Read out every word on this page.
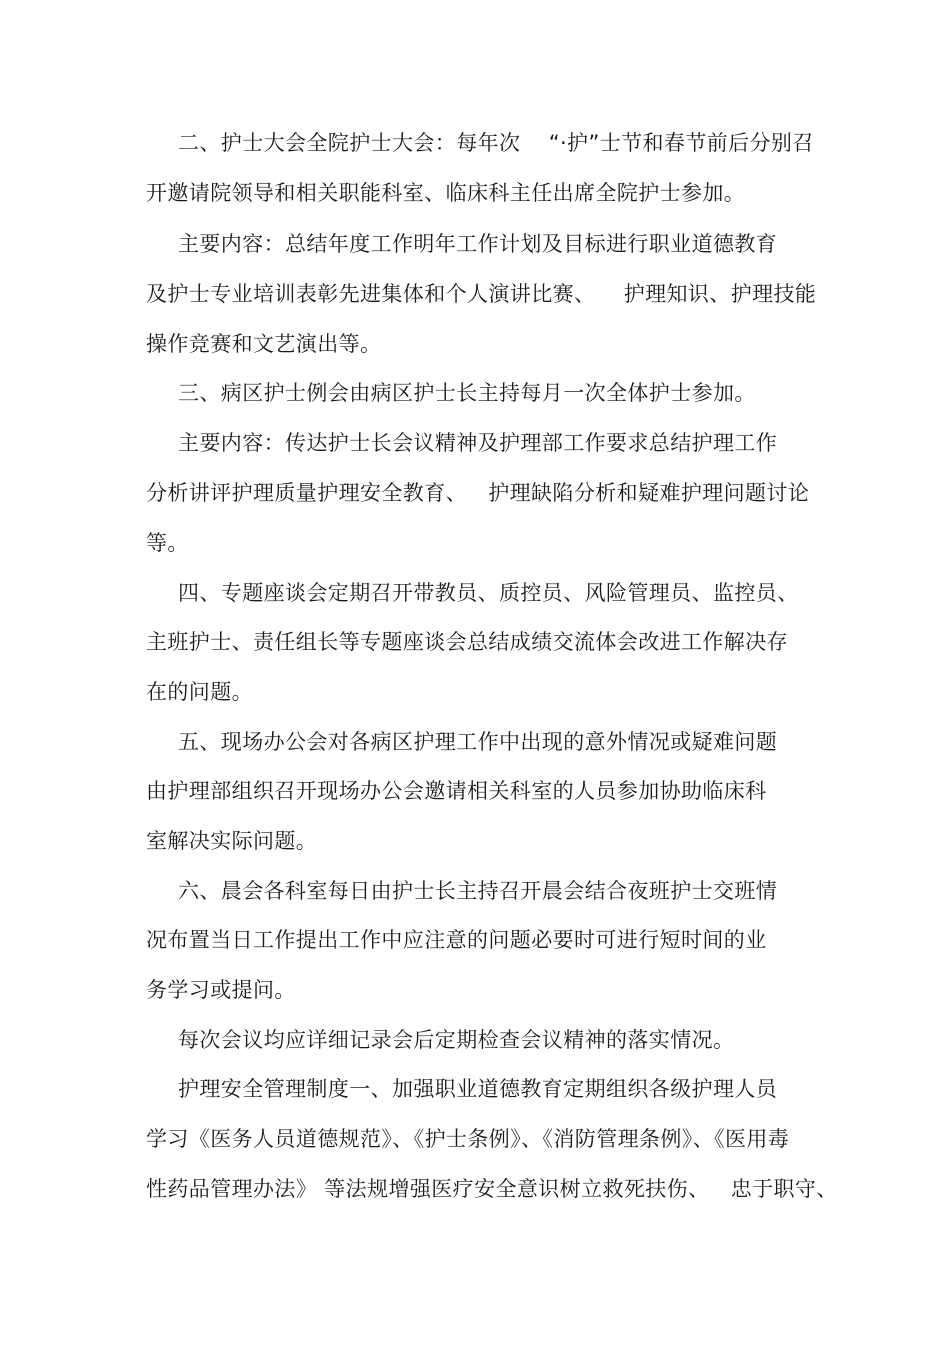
二、护士大会全院护士大会：每年次    “·护”士节和春节前后分别召
开邀请院领导和相关职能科室、临床科主任出席全院护士参加。
主要内容：总结年度工作明年工作计划及目标进行职业道德教育
及护士专业培训表彰先进集体和个人演讲比赛、    护理知识、护理技能
操作竞赛和文艺演出等。
三、病区护士例会由病区护士长主持每月一次全体护士参加。
主要内容：传达护士长会议精神及护理部工作要求总结护理工作
分析讲评护理质量护理安全教育、   护理缺陷分析和疑难护理问题讨论
等。
四、专题座谈会定期召开带教员、质控员、风险管理员、监控员、
主班护士、责任组长等专题座谈会总结成绩交流体会改进工作解决存
在的问题。
五、现场办公会对各病区护理工作中出现的意外情况或疑难问题
由护理部组织召开现场办公会邀请相关科室的人员参加协助临床科
室解决实际问题。
六、晨会各科室每日由护士长主持召开晨会结合夜班护士交班情
况布置当日工作提出工作中应注意的问题必要时可进行短时间的业
务学习或提问。
每次会议均应详细记录会后定期检查会议精神的落实情况。
护理安全管理制度一、加强职业道德教育定期组织各级护理人员
学习《医务人员道德规范》、《护士条例》、《消防管理条例》、《医用毒
性药品管理办法》 等法规增强医疗安全意识树立救死扶伤、   忠于职守、
